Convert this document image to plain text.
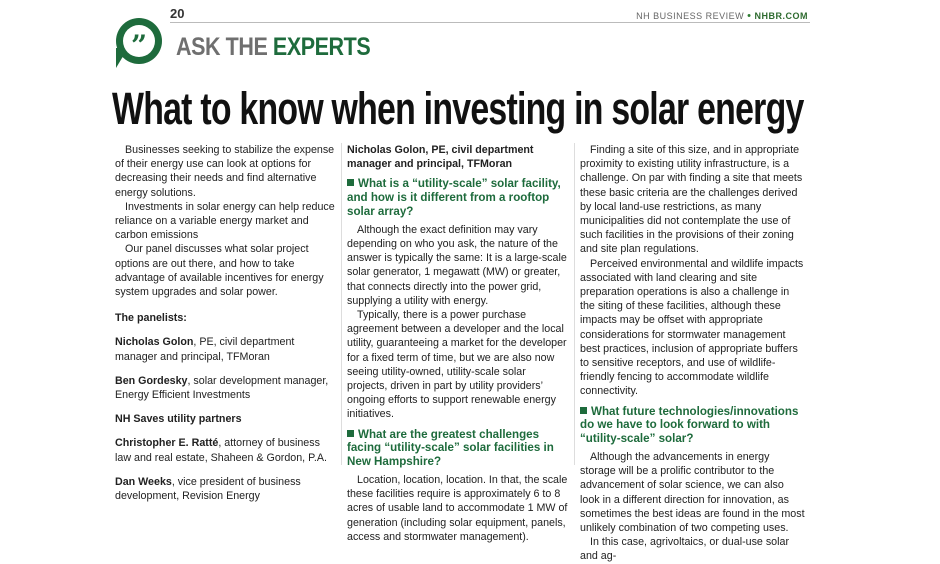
20	NH BUSINESS REVIEW • NHBR.COM
” ASK THE EXPERTS
What to know when investing in solar energy

Businesses seeking to stabilize the expense of their energy use can look at options for decreasing their needs and find alternative energy solutions.

Investments in solar energy can help reduce reliance on a variable energy market and carbon emissions

Our panel discusses what solar project options are out there, and how to take advantage of available incentives for energy system upgrades and solar power.

The panelists:

Nicholas Golon, PE, civil department manager and principal, TFMoran

Ben Gordesky, solar development manager, Energy Efficient Investments

NH Saves utility partners

Christopher E. Ratté, attorney of business law and real estate, Shaheen & Gordon, P.A.

Dan Weeks, vice president of business development, Revision Energy

Nicholas Golon, PE, civil department manager and principal, TFMoran

What is a “utility-scale” solar facility, and how is it different from a rooftop solar array?

Although the exact definition may vary depending on who you ask, the nature of the answer is typically the same: It is a large-scale solar generator, 1 megawatt (MW) or greater, that connects directly into the power grid, supplying a utility with energy.

Typically, there is a power purchase agreement between a developer and the local utility, guaranteeing a market for the developer for a fixed term of time, but we are also now seeing utility-owned, utility-scale solar projects, driven in part by utility providers’ ongoing efforts to support renewable energy initiatives.

What are the greatest challenges facing “utility-scale” solar facilities in New Hampshire?

Location, location, location. In that, the scale these facilities require is approximately 6 to 8 acres of usable land to accommodate 1 MW of generation (including solar equipment, panels, access and stormwater management).

Finding a site of this size, and in appropriate proximity to existing utility infrastructure, is a challenge. On par with finding a site that meets these basic criteria are the challenges derived by local land-use restrictions, as many municipalities did not contemplate the use of such facilities in the provisions of their zoning and site plan regulations.

Perceived environmental and wildlife impacts associated with land clearing and site preparation operations is also a challenge in the siting of these facilities, although these impacts may be offset with appropriate considerations for stormwater management best practices, inclusion of appropriate buffers to sensitive receptors, and use of wildlife-friendly fencing to accommodate wildlife connectivity.

What future technologies/innovations do we have to look forward to with “utility-scale” solar?

Although the advancements in energy storage will be a prolific contributor to the advancement of solar science, we can also look in a different direction for innovation, as sometimes the best ideas are found in the most unlikely combination of two competing uses.

In this case, agrivoltaics, or dual-use solar and ag-
